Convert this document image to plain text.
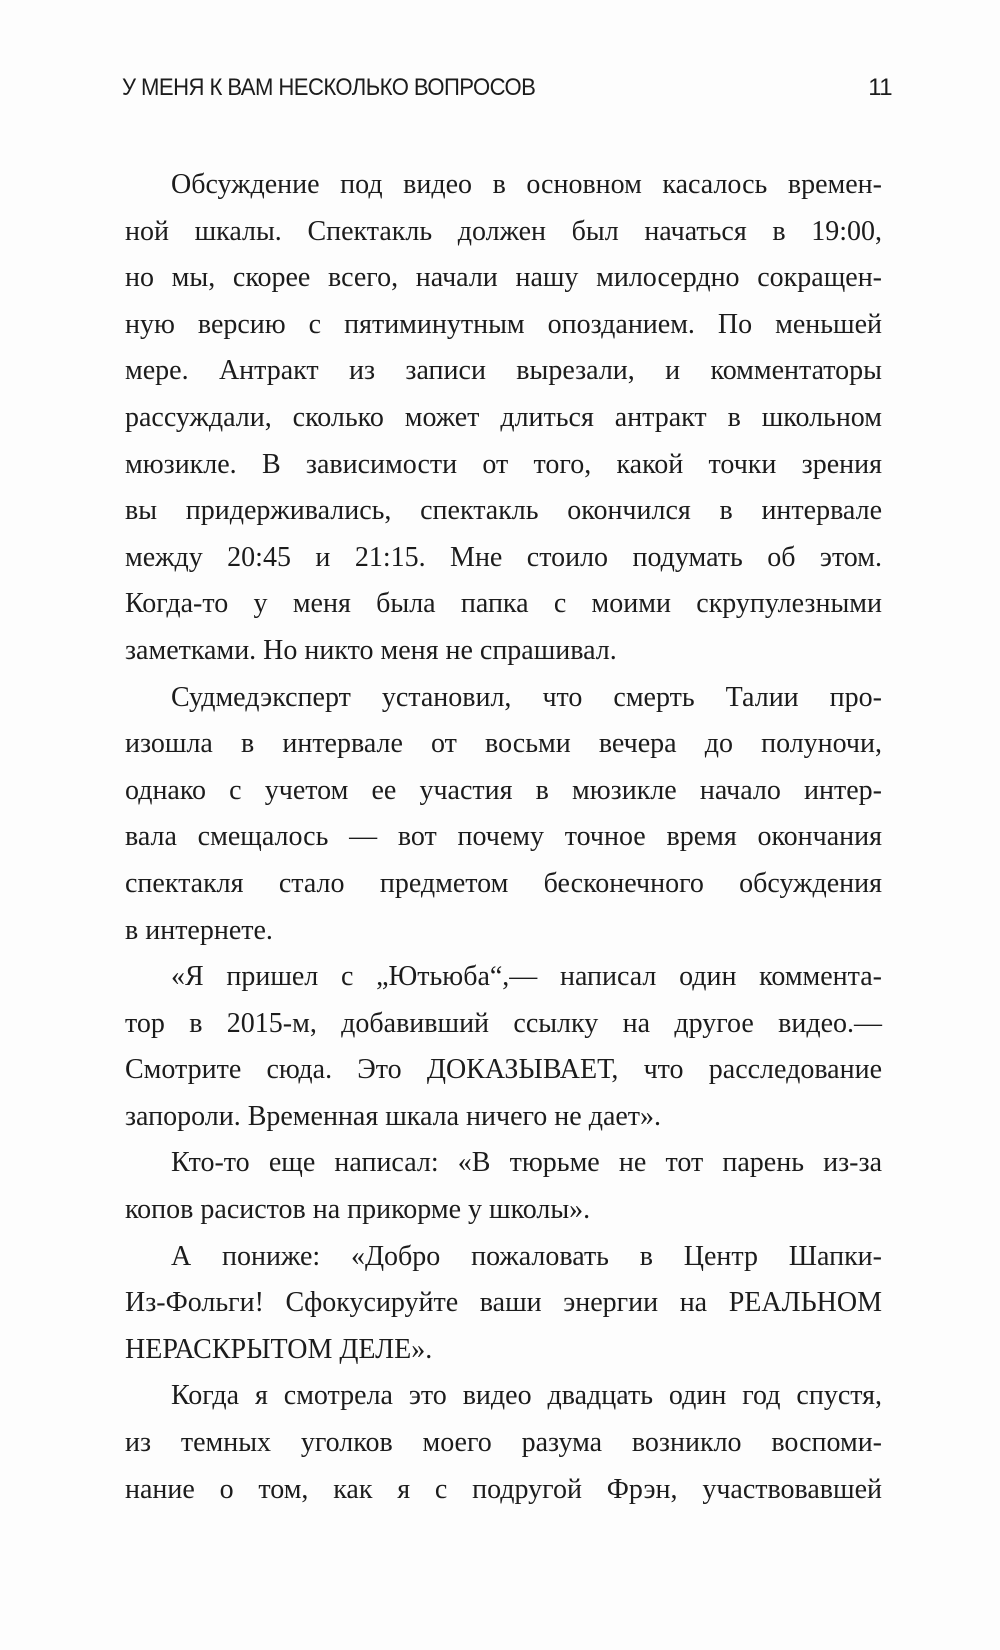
У МЕНЯ К ВАМ НЕСКОЛЬКО ВОПРОСОВ	11
Обсуждение под видео в основном касалось времен-
ной шкалы. Спектакль должен был начаться в 19:00,
но мы, скорее всего, начали нашу милосердно сокращен-
ную версию с пятиминутным опозданием. По меньшей
мере. Антракт из записи вырезали, и комментаторы
рассуждали, сколько может длиться антракт в школьном
мюзикле. В зависимости от того, какой точки зрения
вы придерживались, спектакль окончился в интервале
между 20:45 и 21:15. Мне стоило подумать об этом.
Когда-то у меня была папка с моими скрупулезными
заметками. Но никто меня не спрашивал.
Судмедэксперт установил, что смерть Талии про-
изошла в интервале от восьми вечера до полуночи,
однако с учетом ее участия в мюзикле начало интер-
вала смещалось — вот почему точное время окончания
спектакля стало предметом бесконечного обсуждения
в интернете.
«Я пришел с „Ютьюба“,— написал один коммента-
тор в 2015-м, добавивший ссылку на другое видео.—
Смотрите сюда. Это ДОКАЗЫВАЕТ, что расследование
запороли. Временная шкала ничего не дает».
Кто-то еще написал: «В тюрьме не тот парень из-за
копов расистов на прикорме у школы».
А пониже: «Добро пожаловать в Центр Шапки-
Из-Фольги! Сфокусируйте ваши энергии на РЕАЛЬНОМ
НЕРАСКРЫТОМ ДЕЛЕ».
Когда я смотрела это видео двадцать один год спустя,
из темных уголков моего разума возникло воспоми-
нание о том, как я с подругой Фрэн, участвовавшей
